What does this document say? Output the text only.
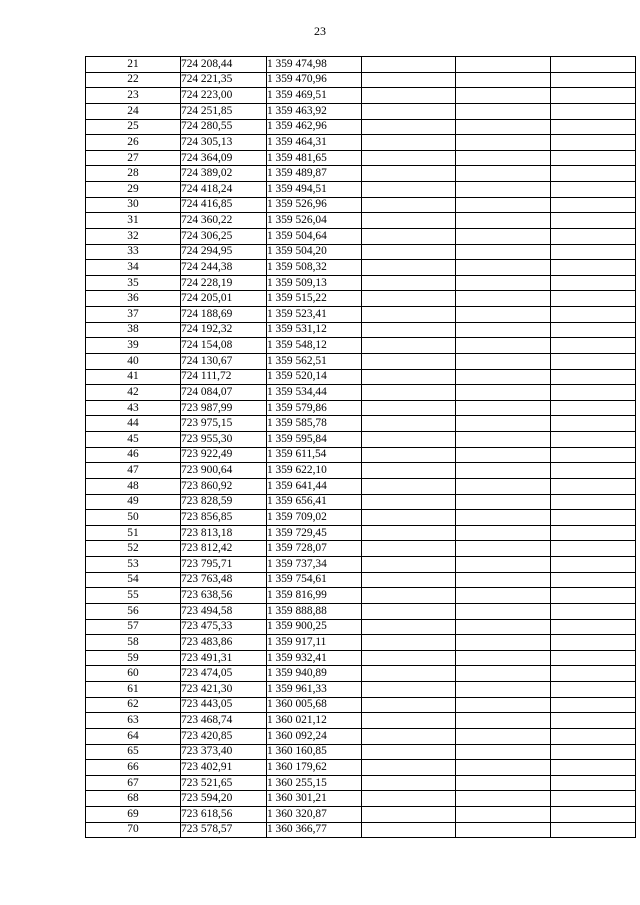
23
21	724 208,44	1 359 474,98			
22	724 221,35	1 359 470,96			
23	724 223,00	1 359 469,51			
24	724 251,85	1 359 463,92			
25	724 280,55	1 359 462,96			
26	724 305,13	1 359 464,31			
27	724 364,09	1 359 481,65			
28	724 389,02	1 359 489,87			
29	724 418,24	1 359 494,51			
30	724 416,85	1 359 526,96			
31	724 360,22	1 359 526,04			
32	724 306,25	1 359 504,64			
33	724 294,95	1 359 504,20			
34	724 244,38	1 359 508,32			
35	724 228,19	1 359 509,13			
36	724 205,01	1 359 515,22			
37	724 188,69	1 359 523,41			
38	724 192,32	1 359 531,12			
39	724 154,08	1 359 548,12			
40	724 130,67	1 359 562,51			
41	724 111,72	1 359 520,14			
42	724 084,07	1 359 534,44			
43	723 987,99	1 359 579,86			
44	723 975,15	1 359 585,78			
45	723 955,30	1 359 595,84			
46	723 922,49	1 359 611,54			
47	723 900,64	1 359 622,10			
48	723 860,92	1 359 641,44			
49	723 828,59	1 359 656,41			
50	723 856,85	1 359 709,02			
51	723 813,18	1 359 729,45			
52	723 812,42	1 359 728,07			
53	723 795,71	1 359 737,34			
54	723 763,48	1 359 754,61			
55	723 638,56	1 359 816,99			
56	723 494,58	1 359 888,88			
57	723 475,33	1 359 900,25			
58	723 483,86	1 359 917,11			
59	723 491,31	1 359 932,41			
60	723 474,05	1 359 940,89			
61	723 421,30	1 359 961,33			
62	723 443,05	1 360 005,68			
63	723 468,74	1 360 021,12			
64	723 420,85	1 360 092,24			
65	723 373,40	1 360 160,85			
66	723 402,91	1 360 179,62			
67	723 521,65	1 360 255,15			
68	723 594,20	1 360 301,21			
69	723 618,56	1 360 320,87			
70	723 578,57	1 360 366,77			
